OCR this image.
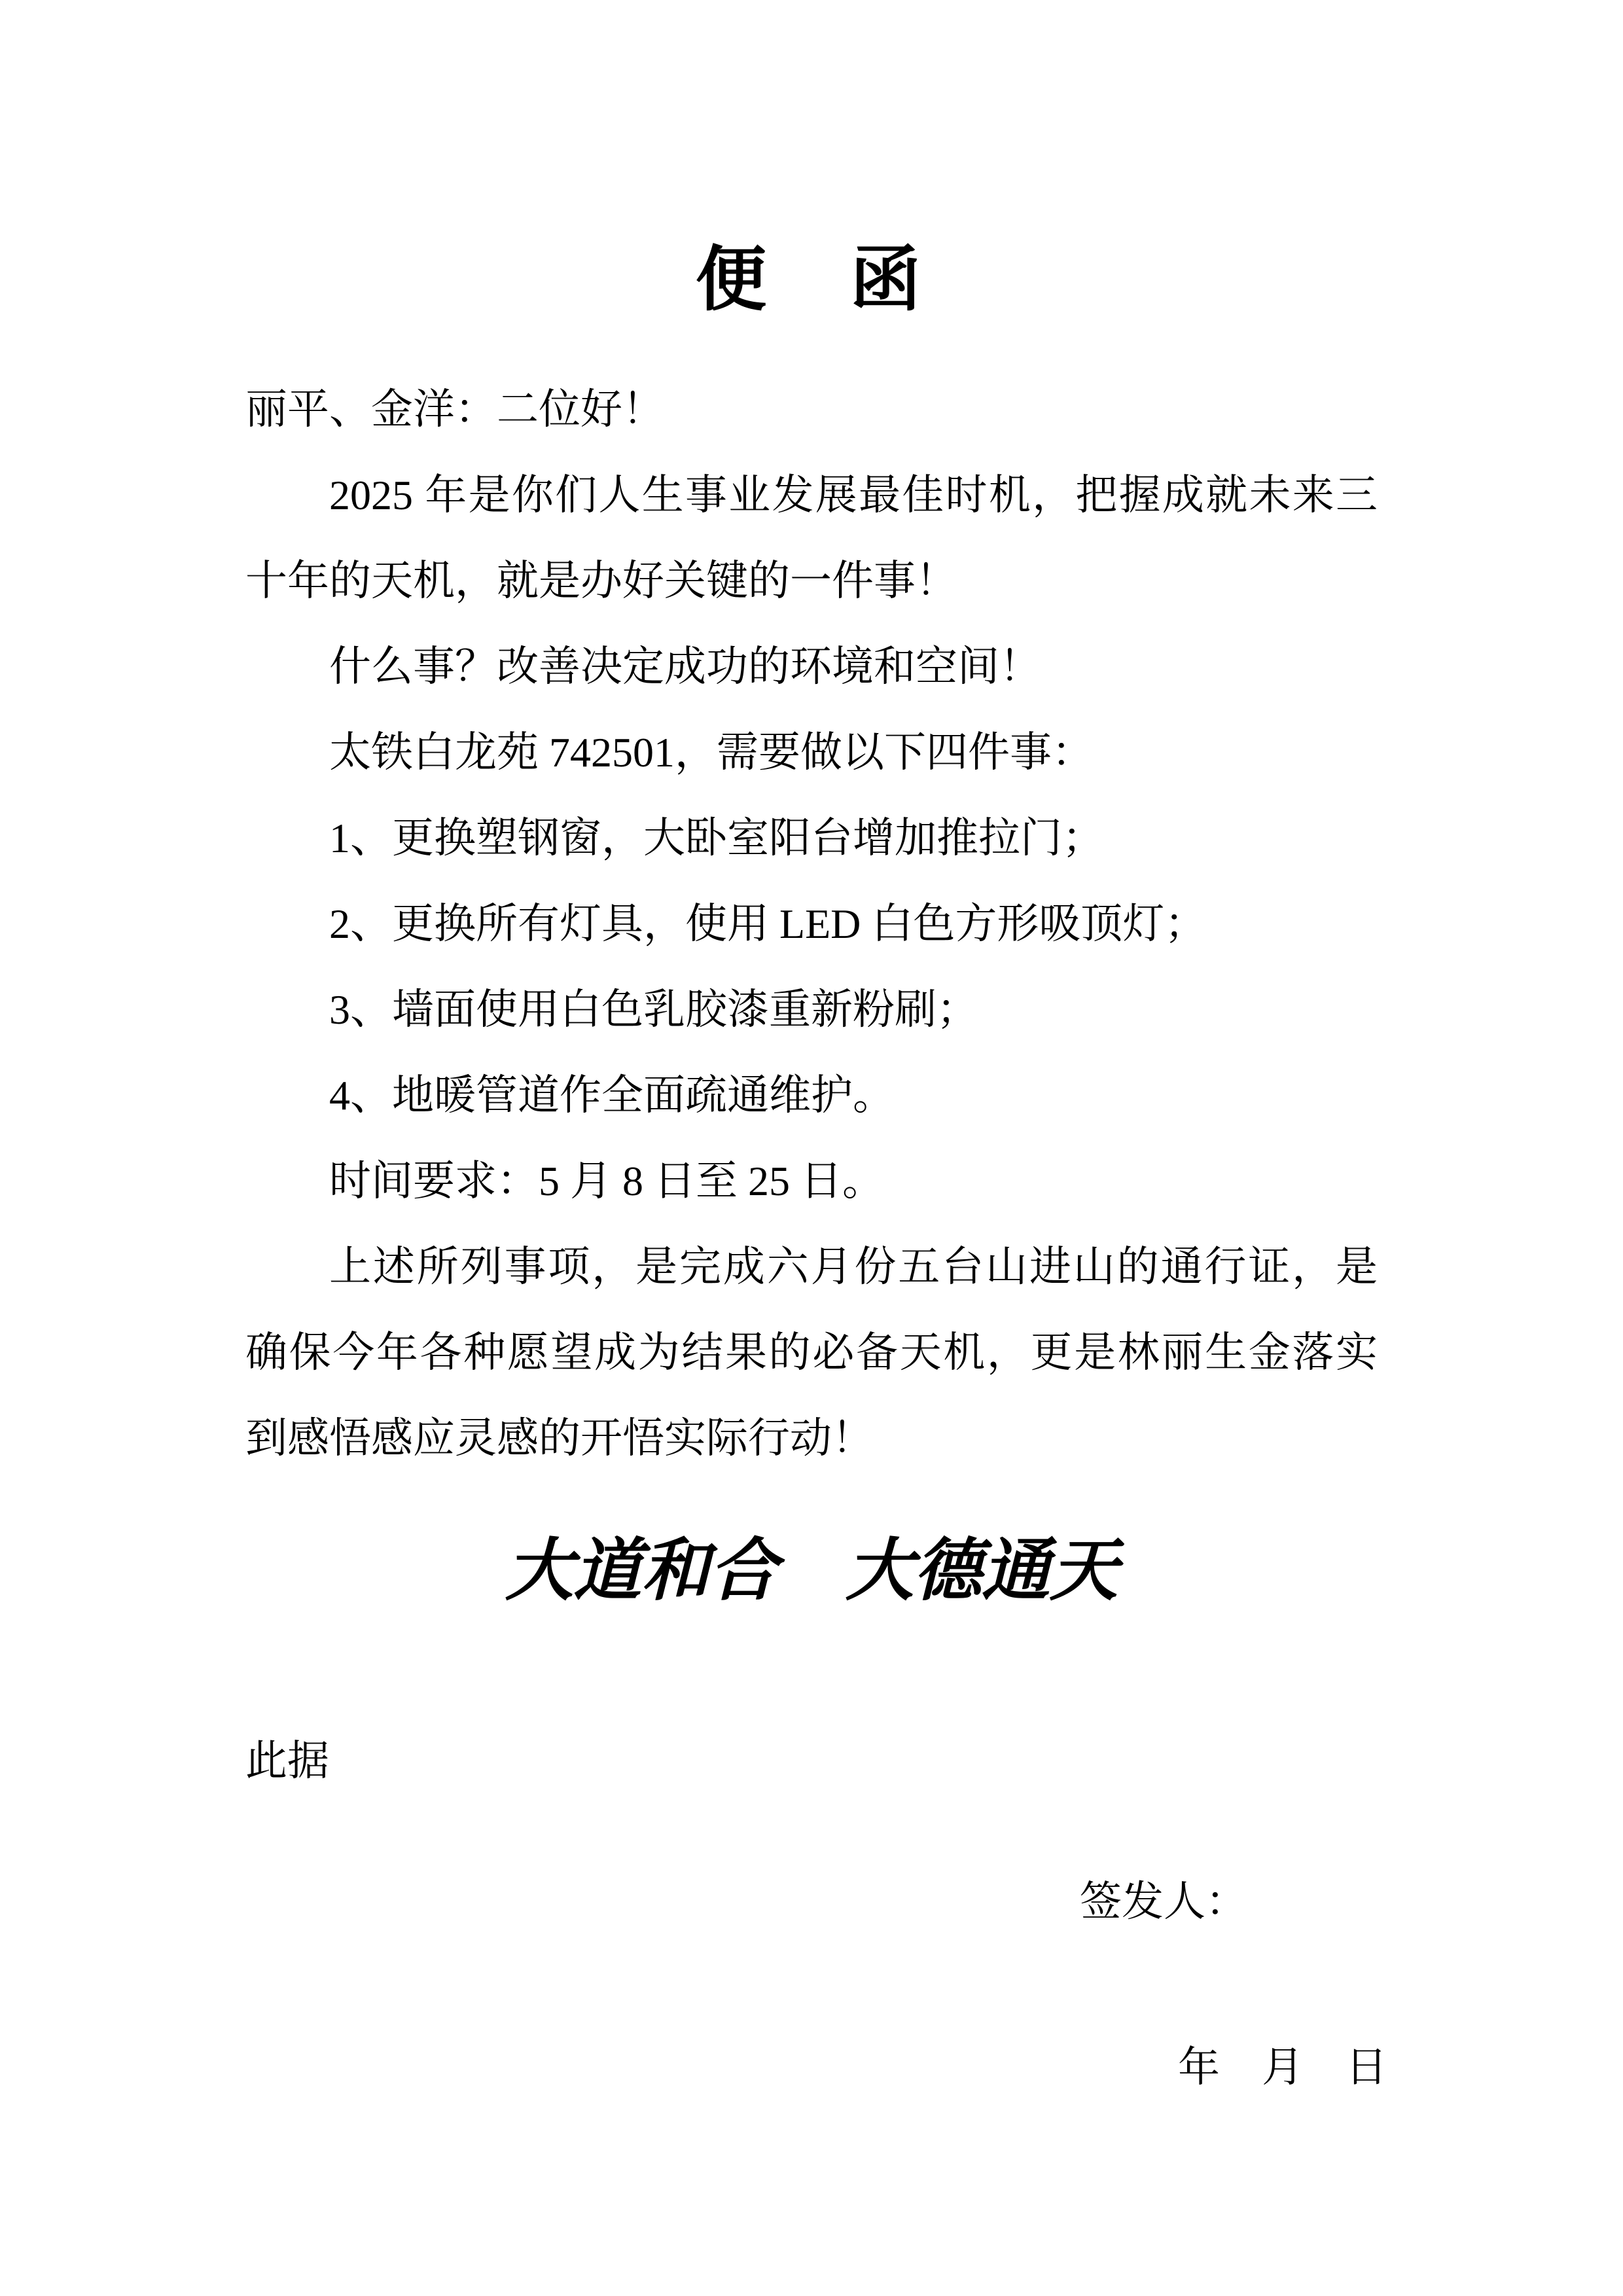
便　函
丽平、金洋：二位好！
2025 年是你们人生事业发展最佳时机，把握成就未来三
十年的天机，就是办好关键的一件事！
什么事？改善决定成功的环境和空间！
太铁白龙苑 742501，需要做以下四件事：
1、更换塑钢窗，大卧室阳台增加推拉门；
2、更换所有灯具，使用 LED 白色方形吸顶灯；
3、墙面使用白色乳胶漆重新粉刷；
4、地暖管道作全面疏通维护。
时间要求：5 月 8 日至 25 日。
上述所列事项，是完成六月份五台山进山的通行证，是
确保今年各种愿望成为结果的必备天机，更是林丽生金落实
到感悟感应灵感的开悟实际行动！
大道和合　大德通天
此据
签发人：
年　月　日
